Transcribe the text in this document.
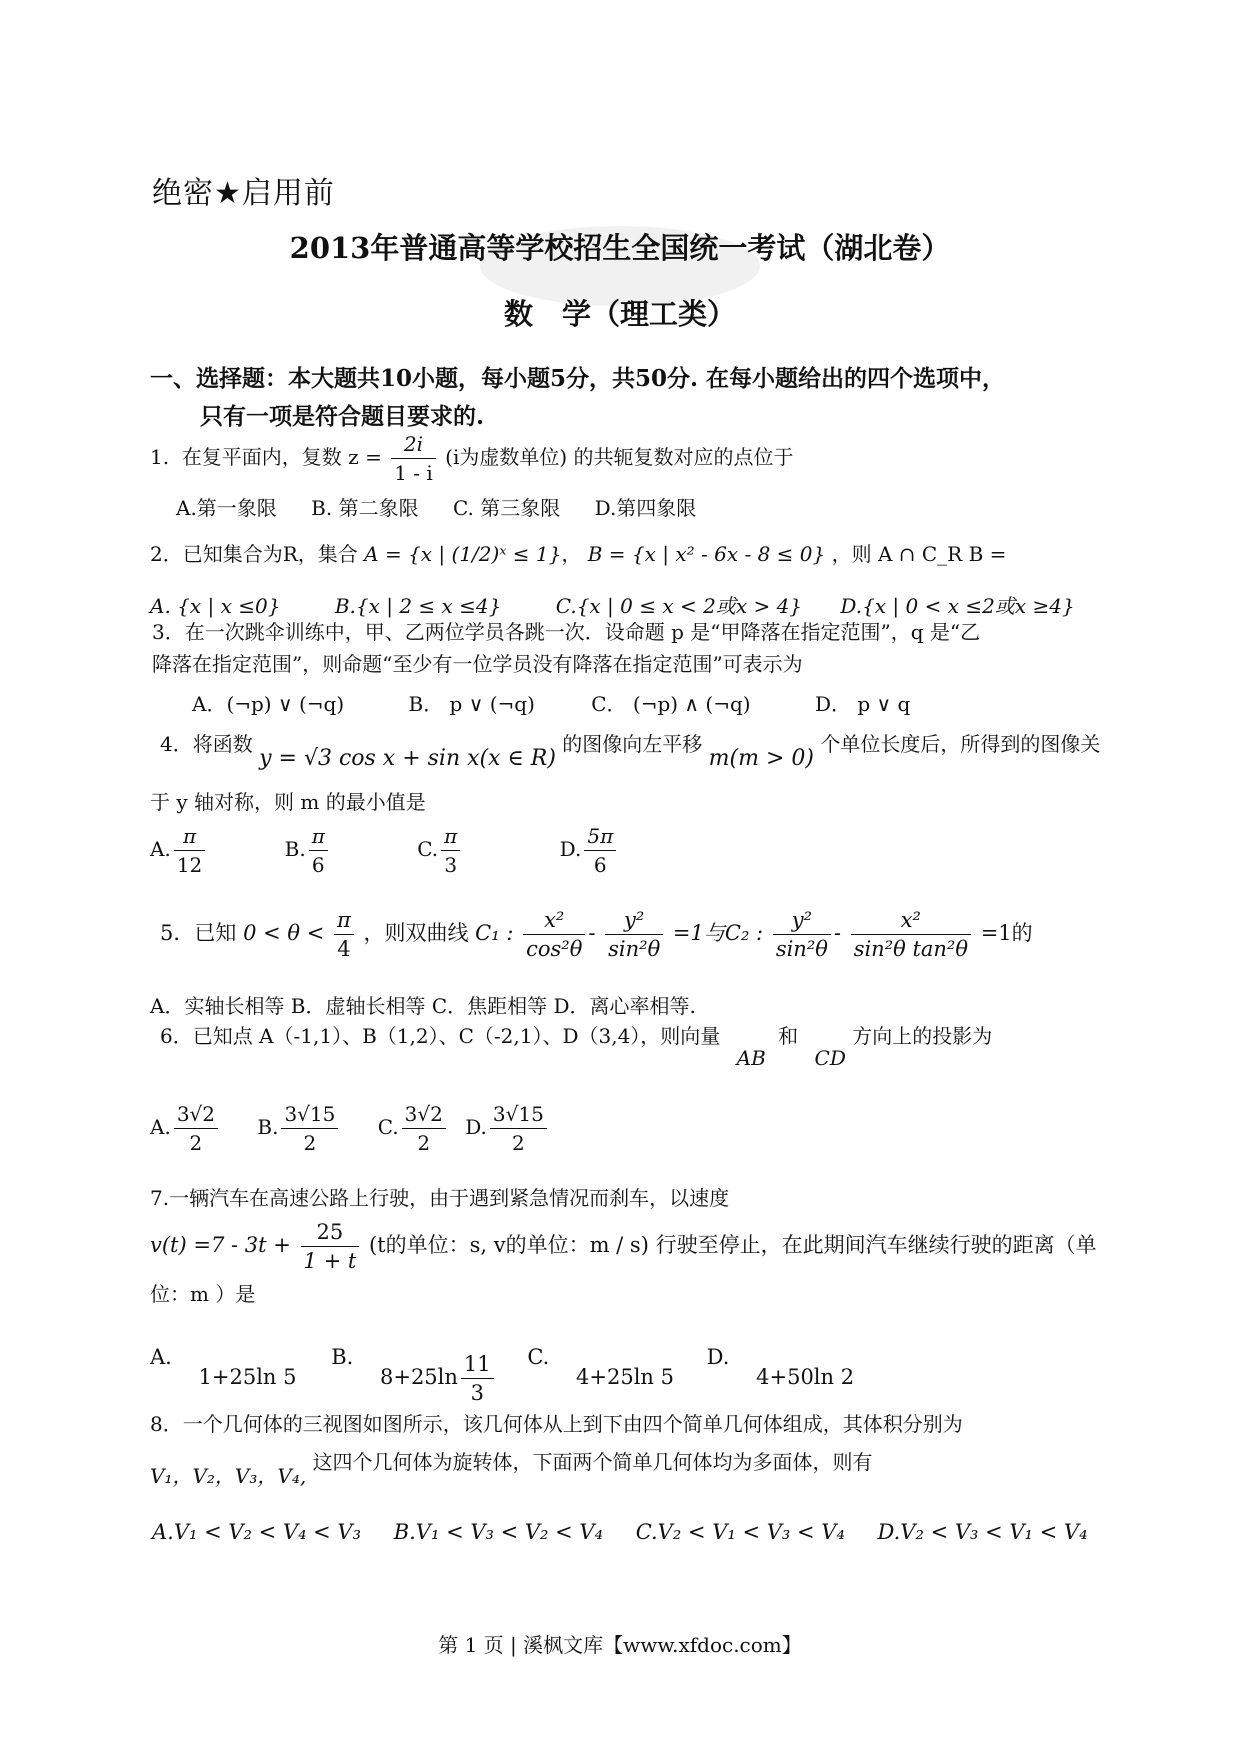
绝密★启用前
2013年普通高等学校招生全国统一考试（湖北卷）
数　学（理工类）
一、选择题：本大题共10小题，每小题5分，共50分. 在每小题给出的四个选项中，
只有一项是符合题目要求的.
1. 在复平面内，复数 $z = \frac{2i}{1 - i} (i$为虚数单位) 的共轭复数对应的点位于
A.第一象限 B. 第二象限 C. 第三象限 D.第四象限
2．已知集合为R，集合 A = {x | (1/2)ˣ ≤ 1}， B = {x | x² - 6x - 8 ≤ 0} ，则 A ∩ C_R B =
A. {x | x ≤0}	B.{x | 2 ≤ x ≤4}	C.{x | 0 ≤ x < 2或x > 4} D.{x | 0 < x ≤2或x ≥4}
3．在一次跳伞训练中，甲、乙两位学员各跳一次．设命题 p 是“甲降落在指定范围”，q 是“乙
降落在指定范围”，则命题“至少有一位学员没有降落在指定范围”可表示为
A．(¬p) ∨ (¬q)	B． p ∨ (¬q)	C． (¬p) ∧ (¬q)	D． p ∨ q
4．将函数 y = √3 cos x + sin x(x ∈ R) 的图像向左平移 m(m > 0) 个单位长度后，所得到的图像关
于 y 轴对称，则 m 的最小值是
A. $\frac{\pi}{12}$	B. $\frac{\pi}{6}$	C. $\frac{\pi}{3}$	D. $\frac{5\pi}{6}$
5．已知 $0 < \theta < \frac{\pi}{4}$ ，则双曲线 C₁ : $\frac{\text{x²}}{\text{cos²θ}} - \frac{\text{y²}}{\text{sin²θ}} =1$与C₂ : $\frac{\text{y²}}{\text{sin²θ}} - \frac{\text{x²}}{\text{sin²θ tan²θ}} =1$的
A．实轴长相等 B．虚轴长相等 C．焦距相等 D．离心率相等.
6．已知点 A（-1,1）、B（1,2）、C（-2,1）、D（3,4），则向量 AB 和 CD 方向上的投影为
A. $\frac{3√2}{2} B$. $\frac{3√15}{2} C$. $\frac{3√2}{2} D$. $\frac{3√15}{2}$
7.一辆汽车在高速公路上行驶，由于遇到紧急情况而刹车，以速度
$v(t) =7 - 3t + \frac{25}{1 + t} (t$的单位：s, v的单位：m / s) 行驶至停止，在此期间汽车继续行驶的距离（单
位：m ）是
A. 1+25ln 5 B. $8+25\ln \frac{11}{3} C$. 4+25ln 5 D. 4+50ln 2
8．一个几何体的三视图如图所示，该几何体从上到下由四个简单几何体组成，其体积分别为
V₁，V₂，V₃，V₄, 这四个几何体为旋转体，下面两个简单几何体均为多面体，则有
A.V₁ < V₂ < V₄ < V₃ B.V₁ < V₃ < V₂ < V₄ C.V₂ < V₁ < V₃ < V₄ D.V₂ < V₃ < V₁ < V₄
第 1 页 | 溪枫文库【www.xfdoc.com】
